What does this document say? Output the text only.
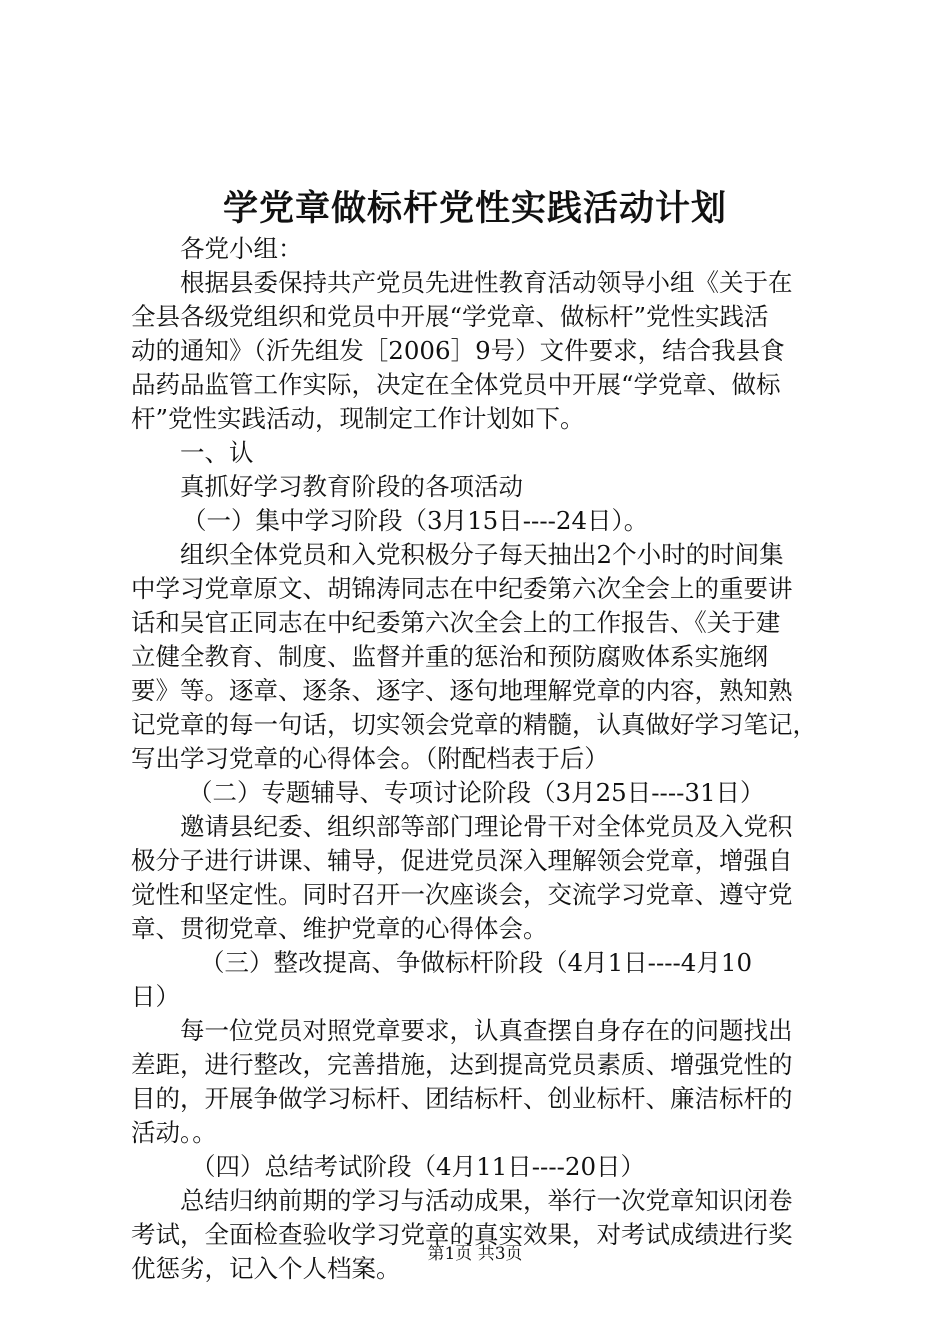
学党章做标杆党性实践活动计划
各党小组：
根据县委保持共产党员先进性教育活动领导小组《关于在
全县各级党组织和党员中开展“学党章、做标杆”党性实践活
动的通知》（沂先组发［2006］9号）文件要求，结合我县食
品药品监管工作实际，决定在全体党员中开展“学党章、做标
杆”党性实践活动，现制定工作计划如下。
一、认
真抓好学习教育阶段的各项活动
（一）集中学习阶段（3月15日----24日）。
组织全体党员和入党积极分子每天抽出2个小时的时间集
中学习党章原文、胡锦涛同志在中纪委第六次全会上的重要讲
话和吴官正同志在中纪委第六次全会上的工作报告、《关于建
立健全教育、制度、监督并重的惩治和预防腐败体系实施纲
要》等。逐章、逐条、逐字、逐句地理解党章的内容，熟知熟
记党章的每一句话，切实领会党章的精髓，认真做好学习笔记，
写出学习党章的心得体会。（附配档表于后）
（二）专题辅导、专项讨论阶段（3月25日----31日）
邀请县纪委、组织部等部门理论骨干对全体党员及入党积
极分子进行讲课、辅导，促进党员深入理解领会党章，增强自
觉性和坚定性。同时召开一次座谈会，交流学习党章、遵守党
章、贯彻党章、维护党章的心得体会。
（三）整改提高、争做标杆阶段（4月1日----4月10
日）
每一位党员对照党章要求，认真查摆自身存在的问题找出
差距，进行整改，完善措施，达到提高党员素质、增强党性的
目的，开展争做学习标杆、团结标杆、创业标杆、廉洁标杆的
活动。。
（四）总结考试阶段（4月11日----20日）
总结归纳前期的学习与活动成果，举行一次党章知识闭卷
考试，全面检查验收学习党章的真实效果，对考试成绩进行奖
优惩劣，记入个人档案。	第1页 共3页
